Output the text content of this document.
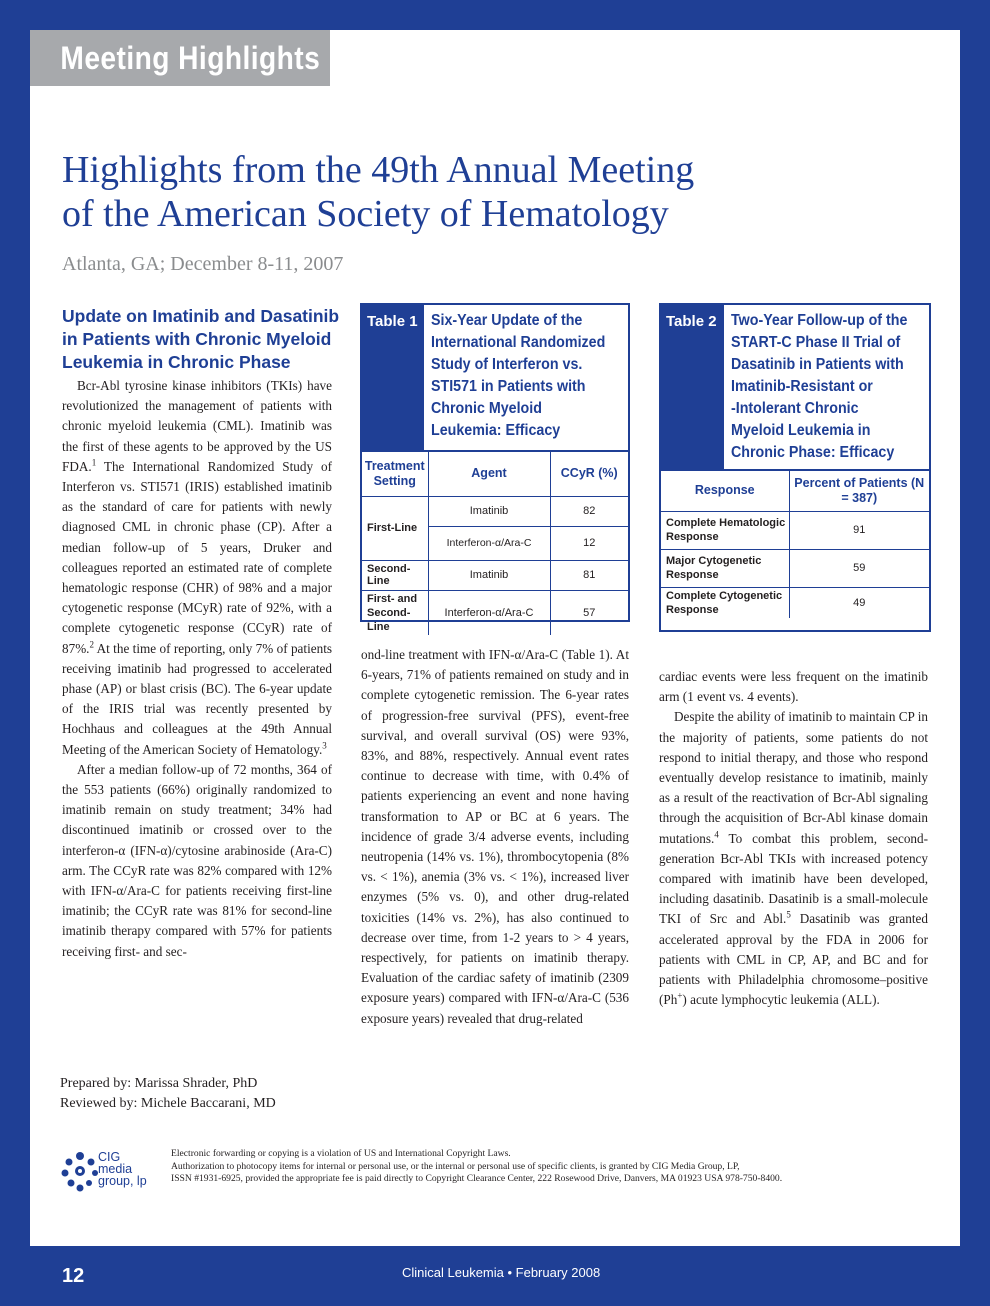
Meeting Highlights
Highlights from the 49th Annual Meeting
of the American Society of Hematology
Atlanta, GA; December 8-11, 2007
Update on Imatinib and Dasatinib
in Patients with Chronic Myeloid
Leukemia in Chronic Phase

Bcr-Abl tyrosine kinase inhibitors (TKIs) have revolutionized the management of patients with chronic myeloid leukemia (CML). Imatinib was the first of these agents to be approved by the US FDA.$^1$ The International Randomized Study of Interferon vs. STI571 (IRIS) established imatinib as the standard of care for patients with newly diagnosed CML in chronic phase (CP). After a median follow-up of 5 years, Druker and colleagues reported an estimated rate of complete hematologic response (CHR) of 98% and a major cytogenetic response (MCyR) rate of 92%, with a complete cytogenetic response (CCyR) rate of 87%.$^2$ At the time of reporting, only 7% of patients receiving imatinib had progressed to accelerated phase (AP) or blast crisis (BC). The 6-year update of the IRIS trial was recently presented by Hochhaus and colleagues at the 49th Annual Meeting of the American Society of Hematology.$^3$

After a median follow-up of 72 months, 364 of the 553 patients (66%) originally randomized to imatinib remain on study treatment; 34% had discontinued imatinib or crossed over to the interferon-α (IFN-α)/cytosine arabinoside (Ara-C) arm. The CCyR rate was 82% compared with 12% with IFN-α/Ara-C for patients receiving first-line imatinib; the CCyR rate was 81% for second-line imatinib therapy compared with 57% for patients receiving first- and sec-

ond-line treatment with IFN-α/Ara-C (Table 1). At 6-years, 71% of patients remained on study and in complete cytogenetic remission. The 6-year rates of progression-free survival (PFS), event-free survival, and overall survival (OS) were 93%, 83%, and 88%, respectively. Annual event rates continue to decrease with time, with 0.4% of patients experiencing an event and none having transformation to AP or BC at 6 years. The incidence of grade 3/4 adverse events, including neutropenia (14% vs. 1%), thrombocytopenia (8% vs. < 1%), anemia (3% vs. < 1%), increased liver enzymes (5% vs. 0), and other drug-related toxicities (14% vs. 2%), has also continued to decrease over time, from 1-2 years to > 4 years, respectively, for patients on imatinib therapy. Evaluation of the cardiac safety of imatinib (2309 exposure years) compared with IFN-α/Ara-C (536 exposure years) revealed that drug-related

cardiac events were less frequent on the imatinib arm (1 event vs. 4 events).

Despite the ability of imatinib to maintain CP in the majority of patients, some patients do not respond to initial therapy, and those who respond eventually develop resistance to imatinib, mainly as a result of the reactivation of Bcr-Abl signaling through the acquisition of Bcr-Abl kinase domain mutations.$^4$ To combat this problem, second-generation Bcr-Abl TKIs with increased potency compared with imatinib have been developed, including dasatinib. Dasatinib is a small-molecule TKI of Src and Abl.$^5$ Dasatinib was granted accelerated approval by the FDA in 2006 for patients with CML in CP, AP, and BC and for patients with Philadelphia chromosome–positive (Ph+) acute lymphocytic leukemia (ALL).

Table 1 Six-Year Update of the
International Randomized
Study of Interferon vs.
STI571 in Patients with
Chronic Myeloid
Leukemia: Efficacy
Treatment Setting	Agent	CCyR (%)
First-Line	Imatinib	82
	Interferon-α/Ara-C	12
Second-Line	Imatinib	81
First- and Second-Line	Interferon-α/Ara-C	57
Table 2 Two-Year Follow-up of the
START-C Phase II Trial of
Dasatinib in Patients with
Imatinib-Resistant or
-Intolerant Chronic
Myeloid Leukemia in
Chronic Phase: Efficacy
Response	Percent of Patients (N = 387)
Complete Hematologic Response	91
Major Cytogenetic Response	59
Complete Cytogenetic Response	49
Prepared by: Marissa Shrader, PhD
Reviewed by: Michele Baccarani, MD
CIG
media
group, lp
Electronic forwarding or copying is a violation of US and International Copyright Laws.
Authorization to photocopy items for internal or personal use, or the internal or personal use of specific clients, is granted by CIG Media Group, LP,
ISSN #1931-6925, provided the appropriate fee is paid directly to Copyright Clearance Center, 222 Rosewood Drive, Danvers, MA 01923 USA 978-750-8400.
12	Clinical Leukemia • February 2008
